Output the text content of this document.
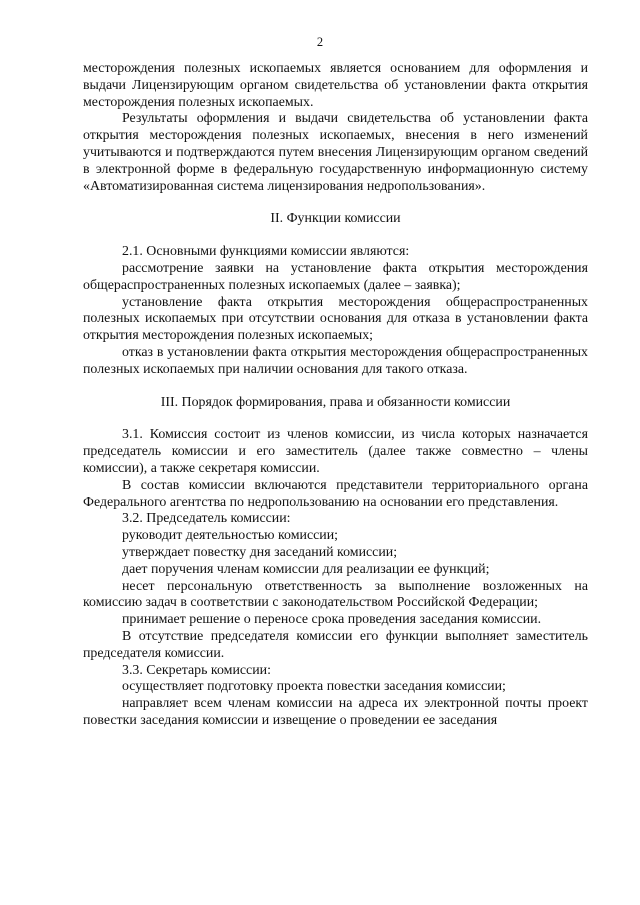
2

месторождения полезных ископаемых является основанием для оформления и выдачи Лицензирующим органом свидетельства об установлении факта открытия месторождения полезных ископаемых.

Результаты оформления и выдачи свидетельства об установлении факта открытия месторождения полезных ископаемых, внесения в него изменений учитываются и подтверждаются путем внесения Лицензирующим органом сведений в электронной форме в федеральную государственную информационную систему «Автоматизированная система лицензирования недропользования».

II. Функции комиссии

2.1. Основными функциями комиссии являются:

рассмотрение заявки на установление факта открытия месторождения общераспространенных полезных ископаемых (далее – заявка);

установление факта открытия месторождения общераспространенных полезных ископаемых при отсутствии основания для отказа в установлении факта открытия месторождения полезных ископаемых;

отказ в установлении факта открытия месторождения общераспространенных полезных ископаемых при наличии основания для такого отказа.

III. Порядок формирования, права и обязанности комиссии

3.1. Комиссия состоит из членов комиссии, из числа которых назначается председатель комиссии и его заместитель (далее также совместно – члены комиссии), а также секретаря комиссии.

В состав комиссии включаются представители территориального органа Федерального агентства по недропользованию на основании его представления.

3.2. Председатель комиссии:

руководит деятельностью комиссии;

утверждает повестку дня заседаний комиссии;

дает поручения членам комиссии для реализации ее функций;

несет персональную ответственность за выполнение возложенных на комиссию задач в соответствии с законодательством Российской Федерации;

принимает решение о переносе срока проведения заседания комиссии.

В отсутствие председателя комиссии его функции выполняет заместитель председателя комиссии.

3.3. Секретарь комиссии:

осуществляет подготовку проекта повестки заседания комиссии;

направляет всем членам комиссии на адреса их электронной почты проект повестки заседания комиссии и извещение о проведении ее заседания
